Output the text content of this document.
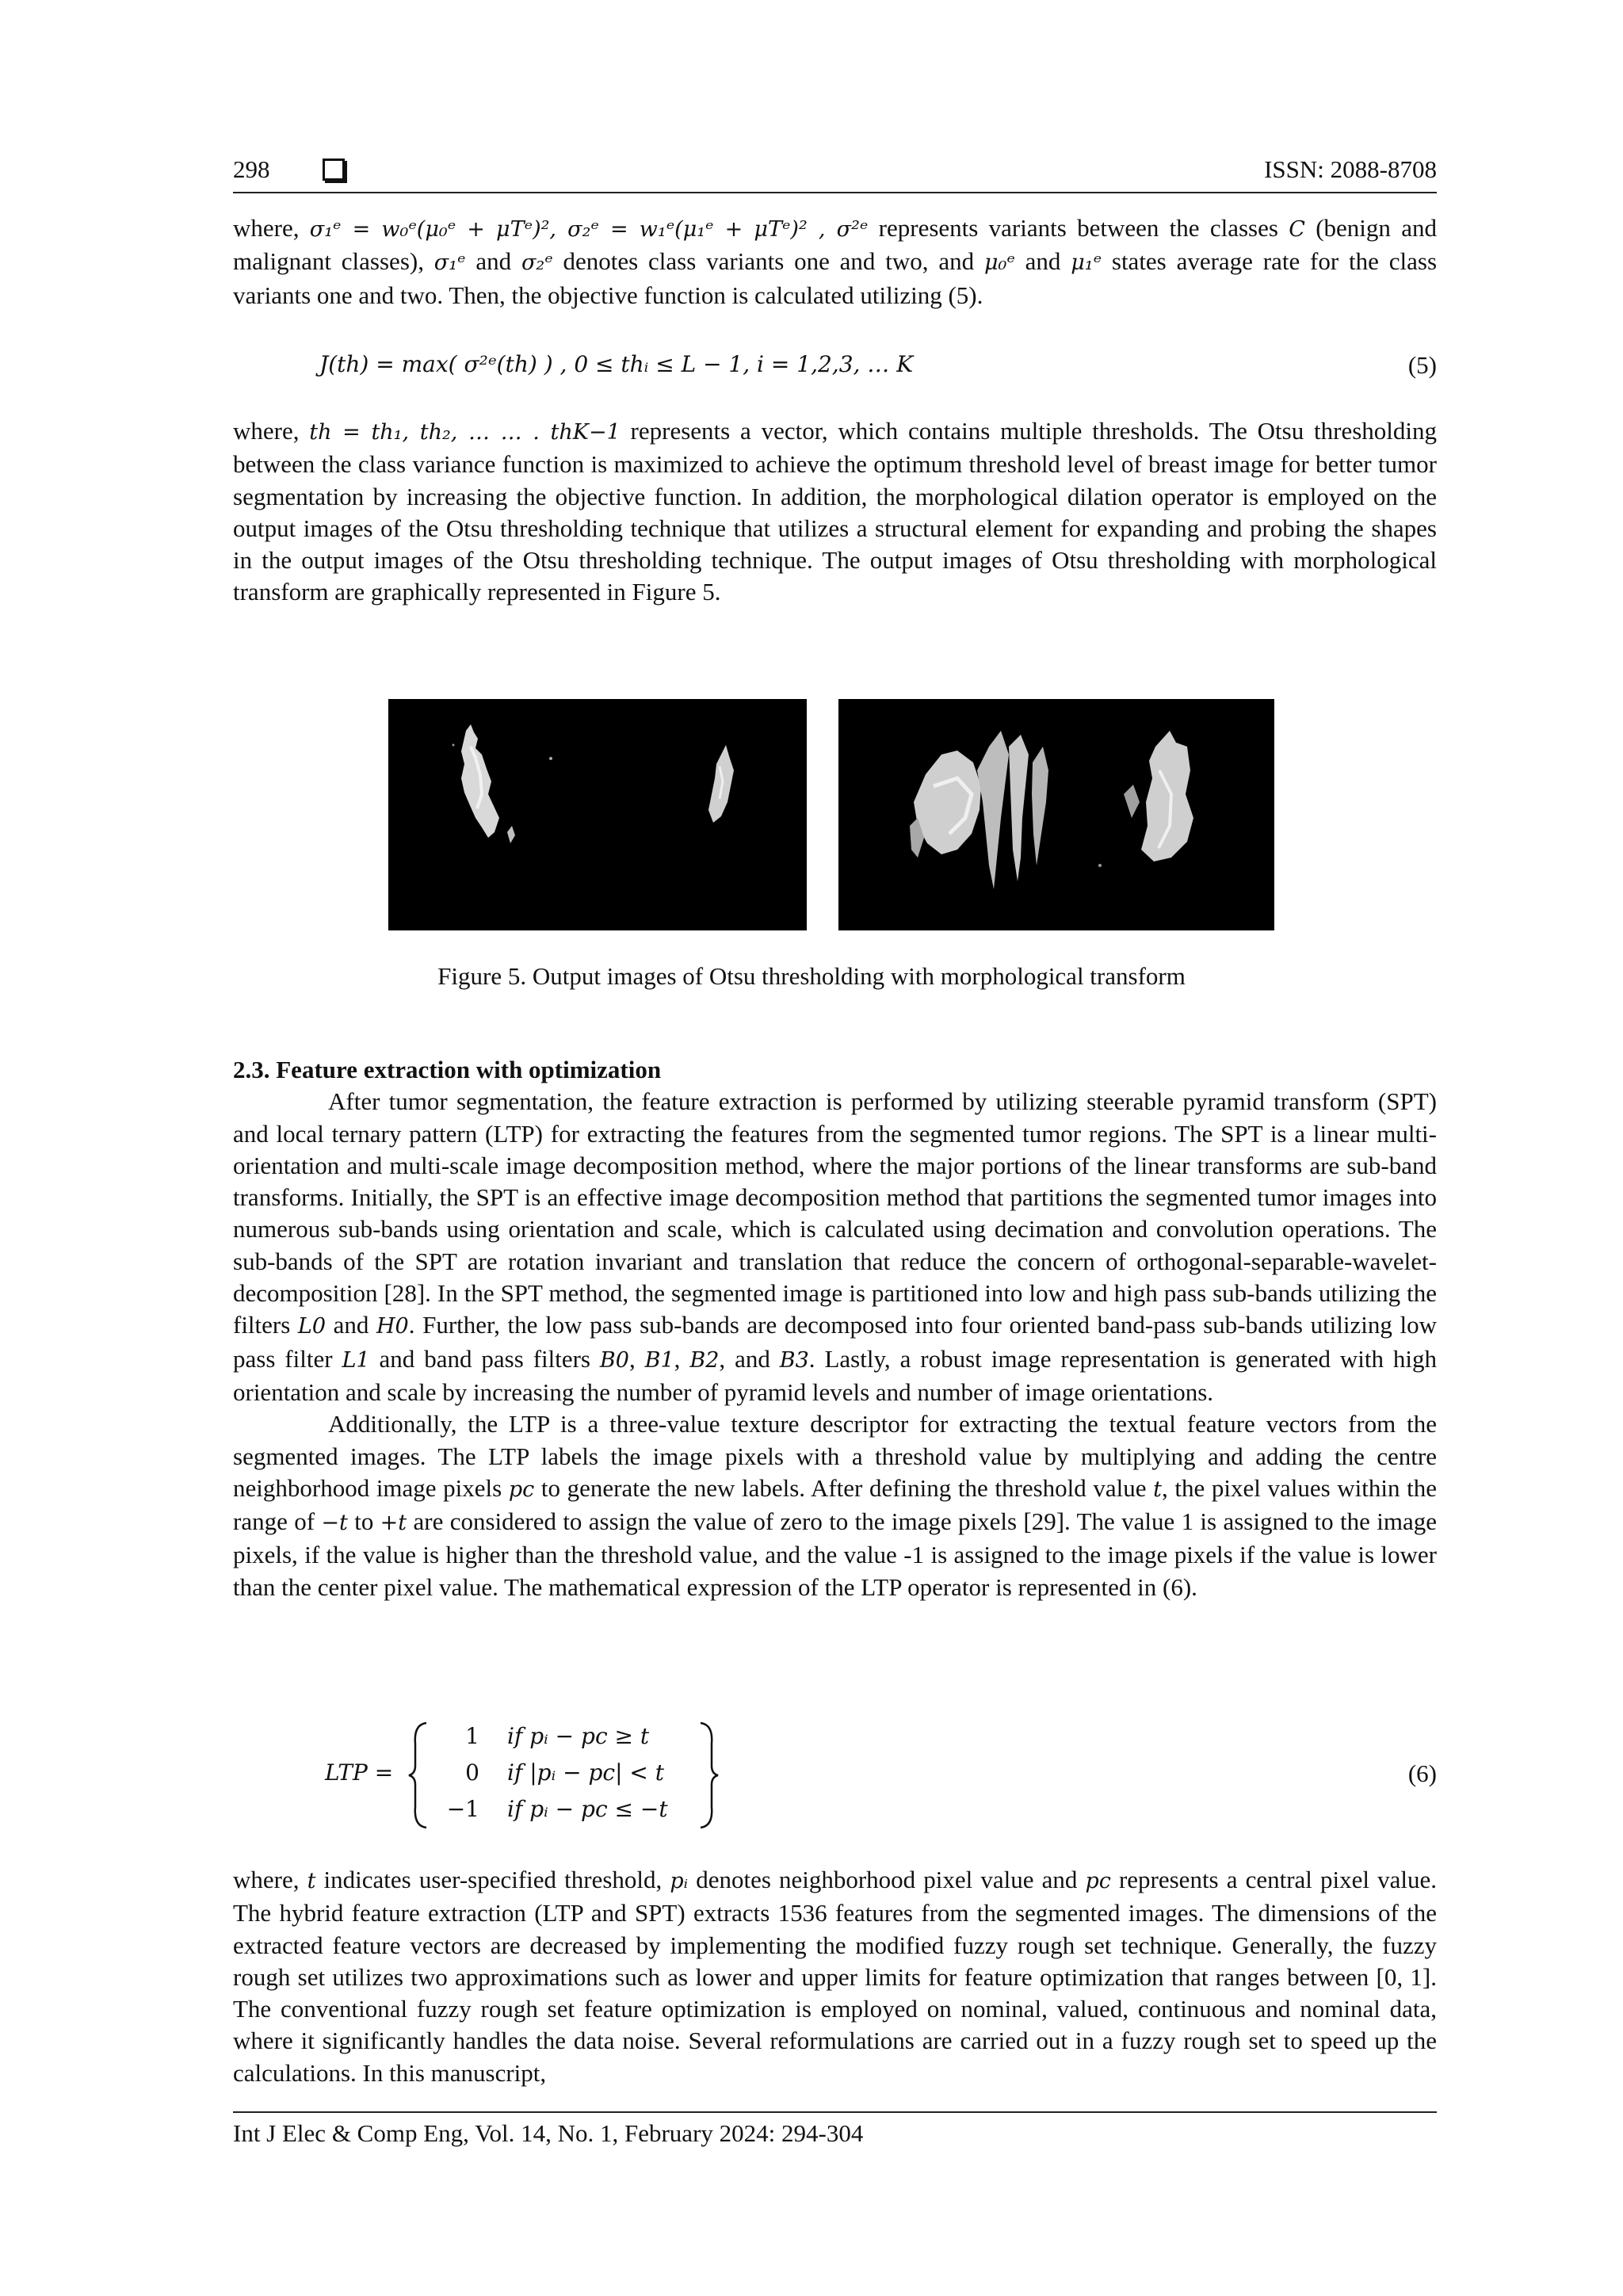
298	ISSN: 2088-8708

where, σ₁ᵉ = w₀ᵉ(μ₀ᵉ + μTᵉ)², σ₂ᵉ = w₁ᵉ(μ₁ᵉ + μTᵉ)² , σ²ᵉ represents variants between the classes C (benign and malignant classes), σ₁ᵉ and σ₂ᵉ denotes class variants one and two, and μ₀ᵉ and μ₁ᵉ states average rate for the class variants one and two. Then, the objective function is calculated utilizing (5).

J(th) = max( σ²ᵉ(th) ) , 0 ≤ thᵢ ≤ L − 1, i = 1,2,3, … K	(5)

where, th = th₁, th₂, … … . thK−1 represents a vector, which contains multiple thresholds. The Otsu thresholding between the class variance function is maximized to achieve the optimum threshold level of breast image for better tumor segmentation by increasing the objective function. In addition, the morphological dilation operator is employed on the output images of the Otsu thresholding technique that utilizes a structural element for expanding and probing the shapes in the output images of the Otsu thresholding technique. The output images of Otsu thresholding with morphological transform are graphically represented in Figure 5.

Figure 5. Output images of Otsu thresholding with morphological transform

2.3. Feature extraction with optimization

After tumor segmentation, the feature extraction is performed by utilizing steerable pyramid transform (SPT) and local ternary pattern (LTP) for extracting the features from the segmented tumor regions. The SPT is a linear multi-orientation and multi-scale image decomposition method, where the major portions of the linear transforms are sub-band transforms. Initially, the SPT is an effective image decomposition method that partitions the segmented tumor images into numerous sub-bands using orientation and scale, which is calculated using decimation and convolution operations. The sub-bands of the SPT are rotation invariant and translation that reduce the concern of orthogonal-separable-wavelet-decomposition [28]. In the SPT method, the segmented image is partitioned into low and high pass sub-bands utilizing the filters L0 and H0. Further, the low pass sub-bands are decomposed into four oriented band-pass sub-bands utilizing low pass filter L1 and band pass filters B0, B1, B2, and B3. Lastly, a robust image representation is generated with high orientation and scale by increasing the number of pyramid levels and number of image orientations.

Additionally, the LTP is a three-value texture descriptor for extracting the textual feature vectors from the segmented images. The LTP labels the image pixels with a threshold value by multiplying and adding the centre neighborhood image pixels pc to generate the new labels. After defining the threshold value t, the pixel values within the range of −t to +t are considered to assign the value of zero to the image pixels [29]. The value 1 is assigned to the image pixels, if the value is higher than the threshold value, and the value -1 is assigned to the image pixels if the value is lower than the center pixel value. The mathematical expression of the LTP operator is represented in (6).

LTP =
1 if pᵢ − pc ≥ t
0 if |pᵢ − pc| < t
−1 if pᵢ − pc ≤ −t
(6)

where, t indicates user-specified threshold, pᵢ denotes neighborhood pixel value and pc represents a central pixel value. The hybrid feature extraction (LTP and SPT) extracts 1536 features from the segmented images. The dimensions of the extracted feature vectors are decreased by implementing the modified fuzzy rough set technique. Generally, the fuzzy rough set utilizes two approximations such as lower and upper limits for feature optimization that ranges between [0, 1]. The conventional fuzzy rough set feature optimization is employed on nominal, valued, continuous and nominal data, where it significantly handles the data noise. Several reformulations are carried out in a fuzzy rough set to speed up the calculations. In this manuscript,

Int J Elec & Comp Eng, Vol. 14, No. 1, February 2024: 294-304
